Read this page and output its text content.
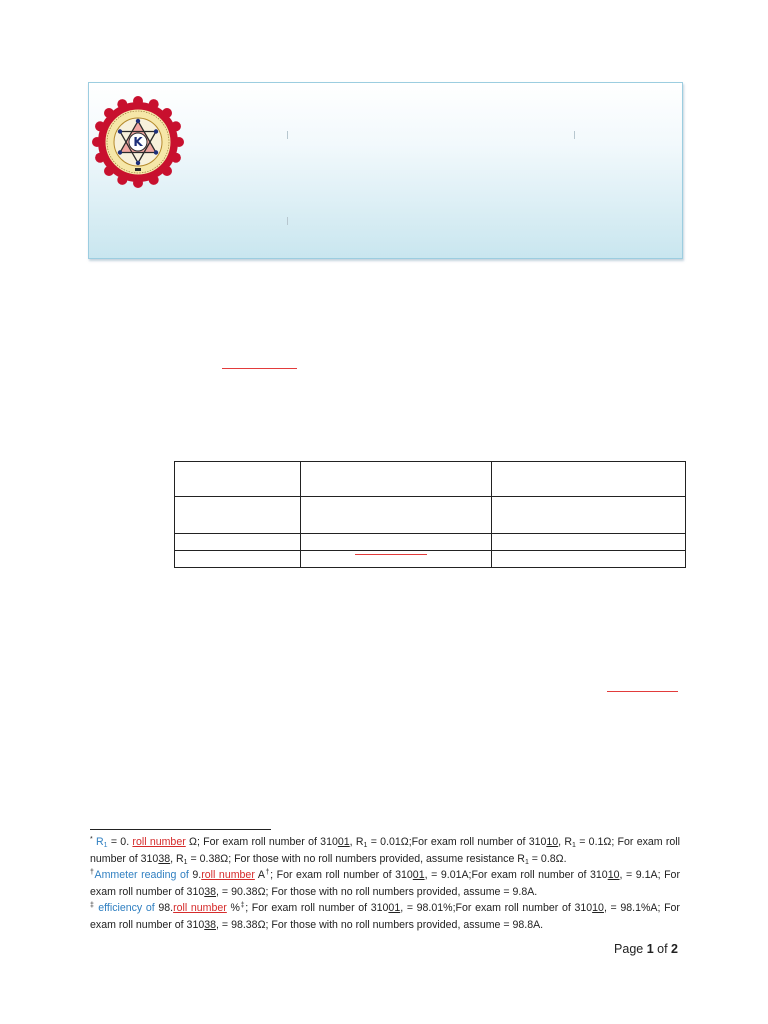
K

* $R_1 = 0$. roll number Ω; For exam roll number of 31001, $R_1$ = 0.01Ω;For exam roll number of 31010, $R_1 = 0.1\Omega$; For exam roll number of 31038, $R_1 = 0.38\Omega$; For those with no roll numbers provided, assume resistance $R_1 = 0.8\Omega$.

†Ammeter reading of 9.roll number A†; For exam roll number of 31001, = 9.01A;For exam roll number of 31010, = 9.1A; For exam roll number of 31038, = 90.38Ω; For those with no roll numbers provided, assume = 9.8A.

‡ efficiency of 98.roll number %‡; For exam roll number of 31001, = 98.01%;For exam roll number of 31010, = 98.1%A; For exam roll number of 31038, = 98.38Ω; For those with no roll numbers provided, assume = 98.8A.

Page 1 of 2
